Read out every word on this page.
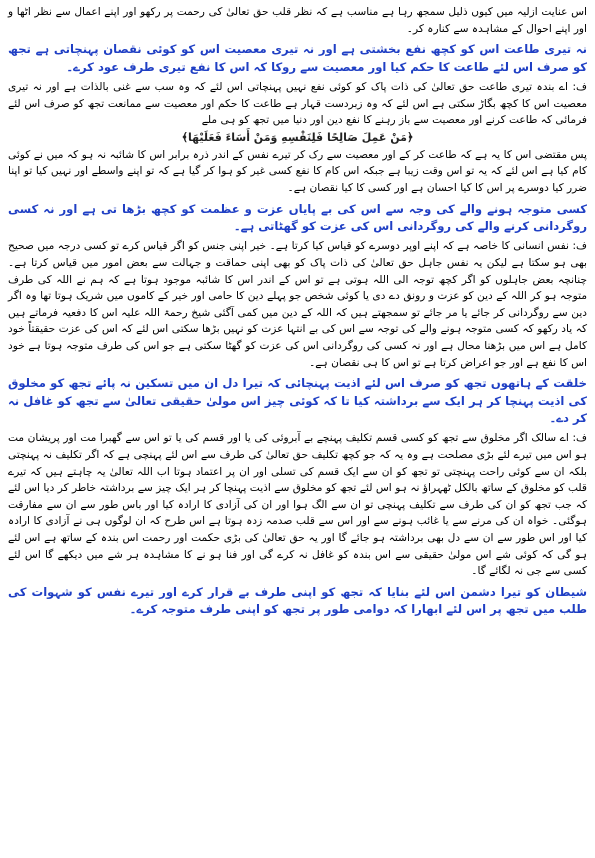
اس عنایت ازلیہ میں کیوں ذلیل سمجھ رہا ہے مناسب ہے کہ نظر قلب حق تعالیٰ کی رحمت پر رکھو اور اپنے اعمال سے نظر اٹھا و اور اپنے احوال کے مشاہدہ سے کنارہ کر۔

نہ تیری طاعت اس کو کچھ نفع بخشتی ہے اور نہ تیری معصیت اس کو کوئی نقصان پہنچاتی ہے تجھ کو صرف اس لئے طاعت کا حکم کیا اور معصیت سے روکا کہ اس کا نفع تیری طرف عود کرے۔

ف: اے بندہ تیری طاعت حق تعالیٰ کی ذات پاک کو کوئی نفع نہیں پہنچاتی اس لئے کہ وہ سب سے غنی بالذات ہے اور نہ تیری معصیت اس کا کچھ بگاڑ سکتی ہے اس لئے کہ وہ زبردست قہار ہے طاعت کا حکم اور معصیت سے ممانعت تجھ کو صرف اس لئے فرمائی کہ طاعت کرنے اور معصیت سے باز رہنے کا نفع دین اور دنیا میں تجھ کو ہی ملے

﴿مَنْ عَمِلَ صَالِحًا فَلِنَفْسِهِ وَمَنْ أَسَاءَ فَعَلَيْهَا﴾

پس مقتضی اس کا یہ ہے کہ طاعت کر کے اور معصیت سے رک کر تیرے نفس کے اندر ذرہ برابر اس کا شائبہ نہ ہو کہ میں نے کوئی کام کیا ہے اس لئے کہ یہ تو اس وقت زیبا ہے جبکہ اس کام کا نفع کسی غیر کو ہوا کر گیا ہے کہ تو اپنے واسطے اور نہیں کیا تو اپنا ضرر کیا دوسرے پر اس کا کیا احسان ہے اور کسی کا کیا نقصان ہے۔

کسی متوجہ ہونے والے کی وجہ سے اس کی بے پایاں عزت و عظمت کو کچھ بڑھا تی ہے اور نہ کسی روگردانی کرنے والے کی روگردانی اس کی عزت کو گھٹاتی ہے۔

ف: نفس انسانی کا خاصہ ہے کہ اپنے اوپر دوسرے کو قیاس کیا کرتا ہے۔ خیر اپنی جنس کو اگر قیاس کرے تو کسی درجہ میں صحیح بھی ہو سکتا ہے لیکن یہ نفس جاہل حق تعالیٰ کی ذات پاک کو بھی اپنی حماقت و جہالت سے بعض امور میں قیاس کرتا ہے۔ چنانچہ بعض جاہلوں کو اگر کچھ توجہ الی اللہ ہوتی ہے تو اس کے اندر اس کا شائبہ موجود ہوتا ہے کہ ہم نے اللہ کی طرف متوجہ ہو کر اللہ کے دین کو عزت و رونق دے دی یا کوئی شخص جو پہلے دین کا حامی اور خیر کے کاموں میں شریک ہوتا تھا وہ اگر دین سے روگردانی کر جائے یا مر جائے تو سمجھتے ہیں کہ اللہ کے دین میں کمی آگئی شیخ رحمۃ اللہ علیہ اس کا دفعیہ فرماتے ہیں کہ یاد رکھو کہ کسی متوجہ ہونے والے کی توجہ سے اس کی بے انتہا عزت کو نہیں بڑھا سکتی اس لئے کہ اس کی عزت حقیقتاً خود کامل ہے اس میں بڑھنا محال ہے اور نہ کسی کی روگردانی اس کی عزت کو گھٹا سکتی ہے جو اس کی طرف متوجہ ہوتا ہے خود اس کا نفع ہے اور جو اعراض کرتا ہے تو اس کا ہی نقصان ہے۔

خلقت کے ہاتھوں تجھ کو صرف اس لئے اذیت پہنچائی کہ تیرا دل ان میں تسکین نہ پائے تجھ کو مخلوق کی اذیت پہنچا کر ہر ایک سے برداشتہ کیا تا کہ کوئی چیز اس مولیٰ حقیقی تعالیٰ سے تجھ کو غافل نہ کر دے۔

ف: اے سالک اگر مخلوق سے تجھ کو کسی قسم تکلیف پہنچے بے آبروئی کی یا اور قسم کی یا تو اس سے گھبرا مت اور پریشان مت ہو اس میں تیرے لئے بڑی مصلحت ہے وہ یہ کہ جو کچھ تکلیف حق تعالیٰ کی طرف سے اس لئے پہنچی ہے کہ اگر تکلیف نہ پہنچتی بلکہ ان سے کوئی راحت پہنچتی تو تجھ کو ان سے ایک قسم کی تسلی اور ان پر اعتماد ہوتا اب اللہ تعالیٰ یہ چاہتے ہیں کہ تیرے قلب کو مخلوق کے ساتھ بالکل ٹھہراؤ نہ ہو اس لئے تجھ کو مخلوق سے اذیت پہنچا کر ہر ایک چیز سے برداشتہ خاطر کر دیا اس لئے کہ جب تجھ کو ان کی طرف سے تکلیف پہنچی تو ان سے الگ ہوا اور ان کی آزادی کا ارادہ کیا اور باس طور سے ان سے مفارقت ہوگئی۔ خواہ ان کی مرنے سے یا غائب ہونے سے اور اس سے قلب صدمہ زدہ ہوتا ہے اس طرح کہ ان لوگوں ہی نے آزادی کا ارادہ کیا اور اس طور سے ان سے دل بھی برداشتہ ہو جائے گا اور یہ حق تعالیٰ کی بڑی حکمت اور رحمت اس بندہ کے ساتھ ہے اس لئے ہو گی کہ کوئی شے اس مولیٰ حقیقی سے اس بندہ کو غافل نہ کرے گی اور فنا ہو نے کا مشاہدہ ہر شے میں دیکھے گا اس لئے کسی سے جی نہ لگائے گا۔

شیطان کو تیرا دشمن اس لئے بنایا کہ تجھ کو اپنی طرف بے قرار کرے اور تیرے نفس کو شہوات کی طلب میں تجھ پر اس لئے ابھارا کہ دوامی طور پر تجھ کو اپنی طرف متوجہ کرے۔
